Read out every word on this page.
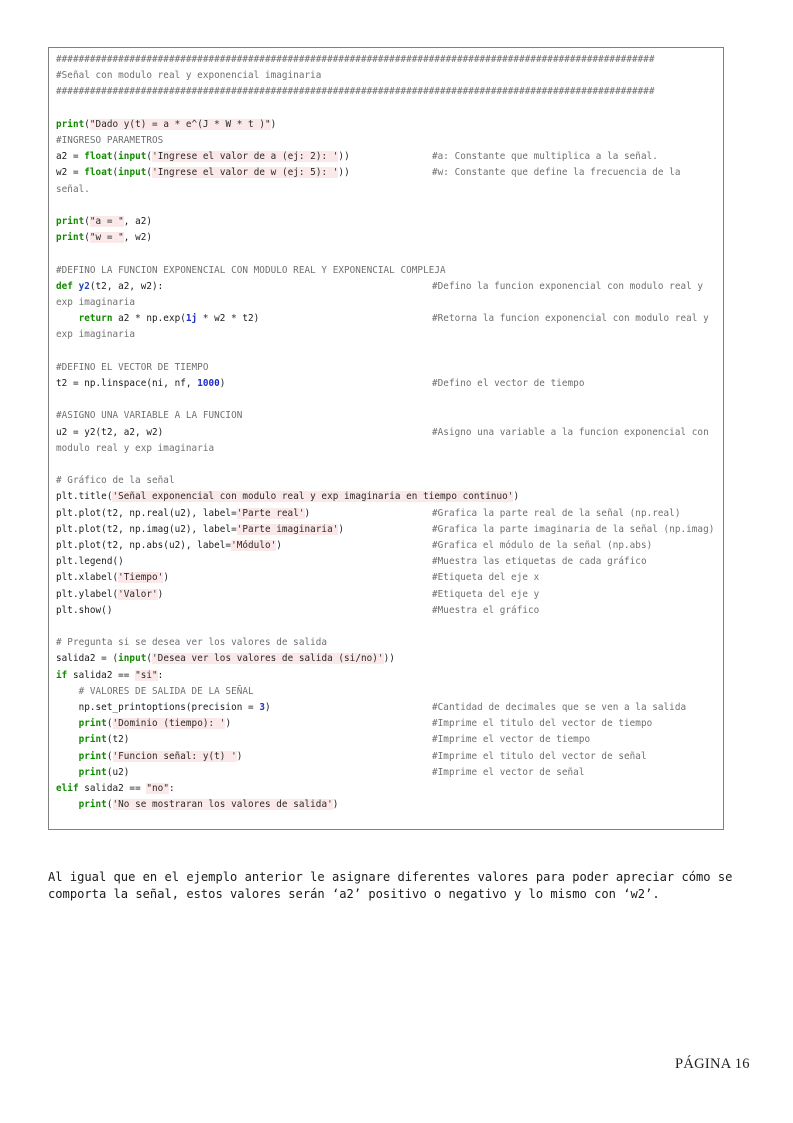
##########################################################################################################
#Señal con modulo real y exponencial imaginaria
##########################################################################################################
print("Dado y(t) = a * e^(J * W * t )")
#INGRESO PARAMETROS
a2 = float(input('Ingrese el valor de a (ej: 2): '))	#a: Constante que multiplica a la señal.
w2 = float(input('Ingrese el valor de w (ej: 5): '))	#w: Constante que define la frecuencia de la
señal.
print("a = ", a2)
print("w = ", w2)
#DEFINO LA FUNCION EXPONENCIAL CON MODULO REAL Y EXPONENCIAL COMPLEJA
def y2(t2, a2, w2):	#Defino la funcion exponencial con modulo real y
exp imaginaria
return a2 * np.exp(1j * w2 * t2)	#Retorna la funcion exponencial con modulo real y
exp imaginaria
#DEFINO EL VECTOR DE TIEMPO
t2 = np.linspace(ni, nf, 1000)	#Defino el vector de tiempo
#ASIGNO UNA VARIABLE A LA FUNCION
u2 = y2(t2, a2, w2)	#Asigno una variable a la funcion exponencial con
modulo real y exp imaginaria
# Gráfico de la señal
plt.title('Señal exponencial con modulo real y exp imaginaria en tiempo continuo')
plt.plot(t2, np.real(u2), label='Parte real')	#Grafica la parte real de la señal (np.real)
plt.plot(t2, np.imag(u2), label='Parte imaginaria')	#Grafica la parte imaginaria de la señal (np.imag)
plt.plot(t2, np.abs(u2), label='Módulo')	#Grafica el módulo de la señal (np.abs)
plt.legend()	#Muestra las etiquetas de cada gráfico
plt.xlabel('Tiempo')	#Etiqueta del eje x
plt.ylabel('Valor')	#Etiqueta del eje y
plt.show()	#Muestra el gráfico
# Pregunta si se desea ver los valores de salida
salida2 = (input('Desea ver los valores de salida (si/no)'))
if salida2 == "si":
# VALORES DE SALIDA DE LA SEÑAL
np.set_printoptions(precision = 3)	#Cantidad de decimales que se ven a la salida
print('Dominio (tiempo): ')	#Imprime el titulo del vector de tiempo
print(t2)	#Imprime el vector de tiempo
print('Funcion señal: y(t) ')	#Imprime el titulo del vector de señal
print(u2)	#Imprime el vector de señal
elif salida2 == "no":
print('No se mostraran los valores de salida')

Al igual que en el ejemplo anterior le asignare diferentes valores para poder apreciar cómo se comporta la señal, estos valores serán ‘a2’ positivo o negativo y lo mismo con ‘w2’.

PÁGINA 16
